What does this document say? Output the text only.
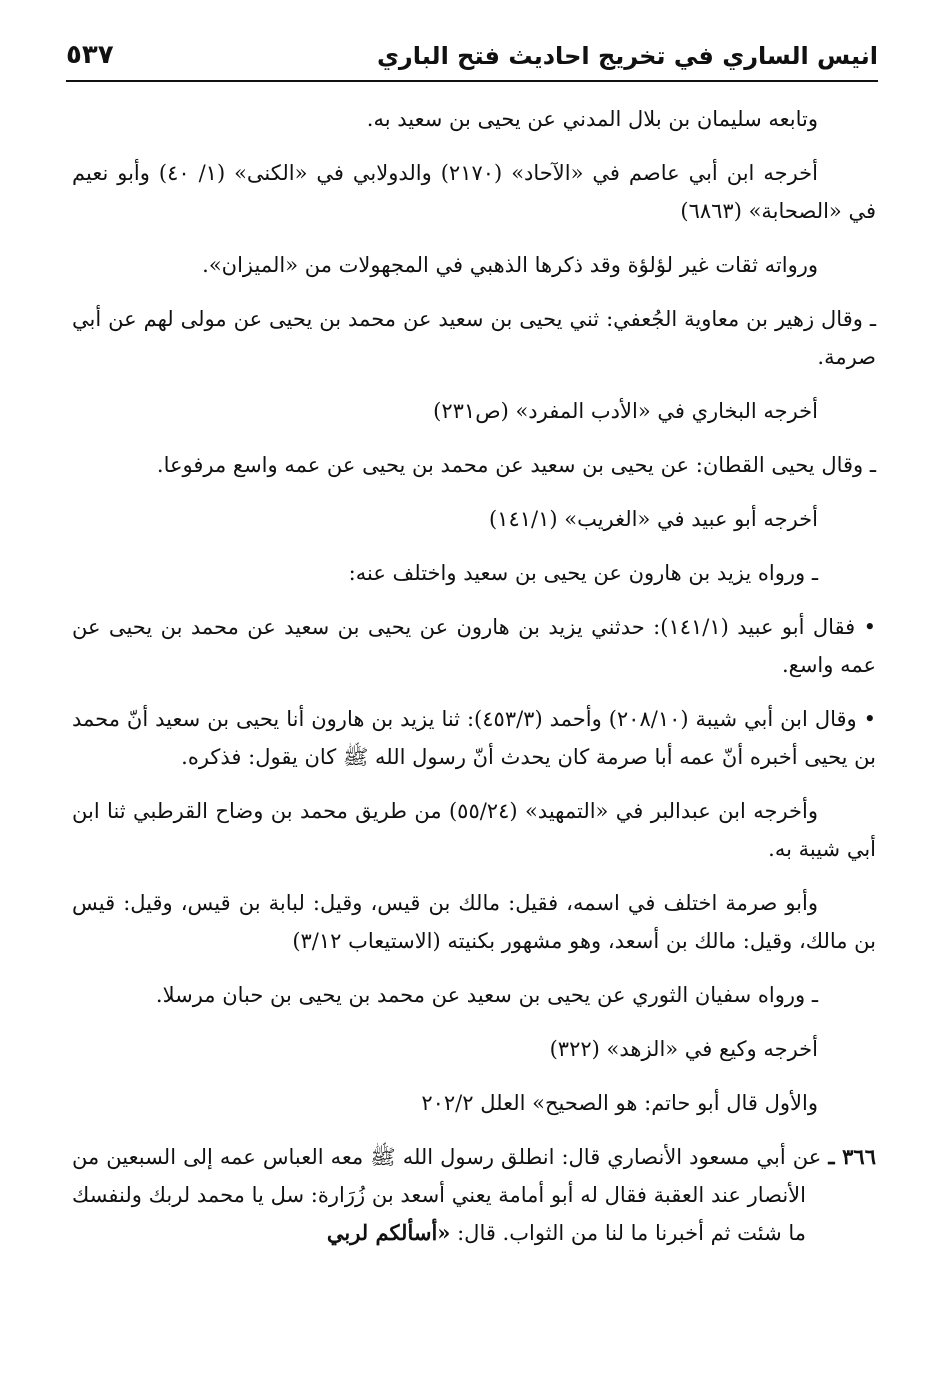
انيس الساري في تخريج احاديث فتح الباري
٥٣٧

وتابعه سليمان بن بلال المدني عن يحيى بن سعيد به.

أخرجه ابن أبي عاصم في «الآحاد» (٢١٧٠) والدولابي في «الكنى» (١/ ٤٠) وأبو نعيم في «الصحابة» (٦٨٦٣)

ورواته ثقات غير لؤلؤة وقد ذكرها الذهبي في المجهولات من «الميزان».

ـ وقال زهير بن معاوية الجُعفي: ثني يحيى بن سعيد عن محمد بن يحيى عن مولى لهم عن أبي صرمة.

أخرجه البخاري في «الأدب المفرد» (ص٢٣١)

ـ وقال يحيى القطان: عن يحيى بن سعيد عن محمد بن يحيى عن عمه واسع مرفوعا.

أخرجه أبو عبيد في «الغريب» (١٤١/١)

ـ ورواه يزيد بن هارون عن يحيى بن سعيد واختلف عنه:

• فقال أبو عبيد (١٤١/١): حدثني يزيد بن هارون عن يحيى بن سعيد عن محمد بن يحيى عن عمه واسع.

• وقال ابن أبي شيبة (٢٠٨/١٠) وأحمد (٤٥٣/٣): ثنا يزيد بن هارون أنا يحيى بن سعيد أنّ محمد بن يحيى أخبره أنّ عمه أبا صرمة كان يحدث أنّ رسول الله ﷺ كان يقول: فذكره.

وأخرجه ابن عبدالبر في «التمهيد» (٥٥/٢٤) من طريق محمد بن وضاح القرطبي ثنا ابن أبي شيبة به.

وأبو صرمة اختلف في اسمه، فقيل: مالك بن قيس، وقيل: لبابة بن قيس، وقيل: قيس بن مالك، وقيل: مالك بن أسعد، وهو مشهور بكنيته (الاستيعاب ٣/١٢)

ـ ورواه سفيان الثوري عن يحيى بن سعيد عن محمد بن يحيى بن حبان مرسلا.

أخرجه وكيع في «الزهد» (٣٢٢)

والأول قال أبو حاتم: هو الصحيح» العلل ٢٠٢/٢

٣٦٦ ـ عن أبي مسعود الأنصاري قال: انطلق رسول الله ﷺ معه العباس عمه إلى السبعين من الأنصار عند العقبة فقال له أبو أمامة يعني أسعد بن زُرَارة: سل يا محمد لربك ولنفسك ما شئت ثم أخبرنا ما لنا من الثواب. قال: «أسألكم لربي
